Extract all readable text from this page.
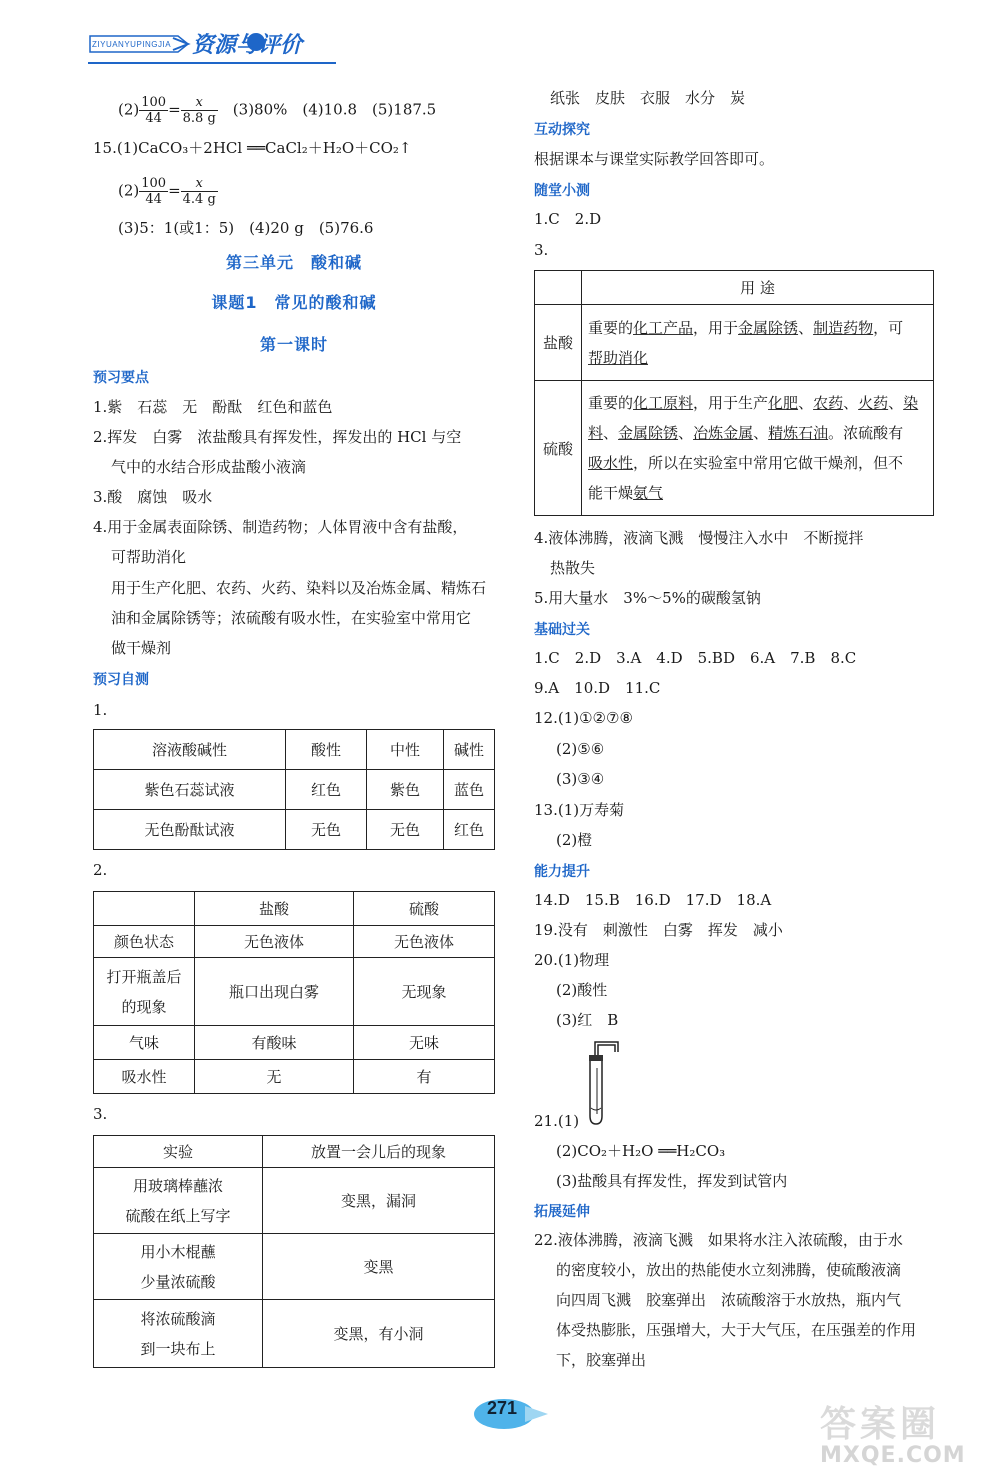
ZIYUANYUPINGJIA 资源与评价
$(2) \frac{100}{44} = \frac{x}{8.8 g}$ 　(3)80%　(4)10.8　(5)187.5
15.(1)CaCO₃＋2HCl ══CaCl₂＋H₂O＋CO₂↑
$(2) \frac{100}{44} = \frac{x}{4.4 g}$
(3)5：1(或1：5)　(4)20 g　(5)76.6
第三单元　酸和碱
课题1　常见的酸和碱
第一课时
预习要点
1.紫　石蕊　无　酚酞　红色和蓝色
2.挥发　白雾　浓盐酸具有挥发性，挥发出的 HCl 与空
气中的水结合形成盐酸小液滴
3.酸　腐蚀　吸水
4.用于金属表面除锈、制造药物；人体胃液中含有盐酸，
可帮助消化
用于生产化肥、农药、火药、染料以及冶炼金属、精炼石
油和金属除锈等；浓硫酸有吸水性，在实验室中常用它
做干燥剂
预习自测
1.
溶液酸碱性	酸性	中性	碱性
紫色石蕊试液	红色	紫色	蓝色
无色酚酞试液	无色	无色	红色
2.
	盐酸	硫酸
颜色状态	无色液体	无色液体
打开瓶盖后
的现象	瓶口出现白雾	无现象
气味	有酸味	无味
吸水性	无	有
3.
实验	放置一会儿后的现象
用玻璃棒蘸浓
硫酸在纸上写字	变黑，漏洞
用小木棍蘸
少量浓硫酸	变黑
将浓硫酸滴
到一块布上	变黑，有小洞
纸张　皮肤　衣服　水分　炭
互动探究
根据课本与课堂实际教学回答即可。
随堂小测
1.C　2.D
3.
	用 途
盐酸	重要的化工产品，用于金属除锈、制造药物，可
帮助消化
硫酸	重要的化工原料，用于生产化肥、农药、火药、染
料、金属除锈、冶炼金属、精炼石油。浓硫酸有
吸水性，所以在实验室中常用它做干燥剂，但不
能干燥氨气
4.液体沸腾，液滴飞溅　慢慢注入水中　不断搅拌
热散失
5.用大量水　3%～5%的碳酸氢钠
基础过关
1.C　2.D　3.A　4.D　5.BD　6.A　7.B　8.C
9.A　10.D　11.C
12.(1)①②⑦⑧
(2)⑤⑥
(3)③④
13.(1)万寿菊
(2)橙
能力提升
14.D　15.B　16.D　17.D　18.A
19.没有　刺激性　白雾　挥发　减小
20.(1)物理
(2)酸性
(3)红　B
21.(1)
(2)CO₂＋H₂O ══H₂CO₃
(3)盐酸具有挥发性，挥发到试管内
拓展延伸
22.液体沸腾，液滴飞溅　如果将水注入浓硫酸，由于水
的密度较小，放出的热能使水立刻沸腾，使硫酸液滴
向四周飞溅　胶塞弹出　浓硫酸溶于水放热，瓶内气
体受热膨胀，压强增大，大于大气压，在压强差的作用
下，胶塞弹出
271	答案圈
MXQE.COM
